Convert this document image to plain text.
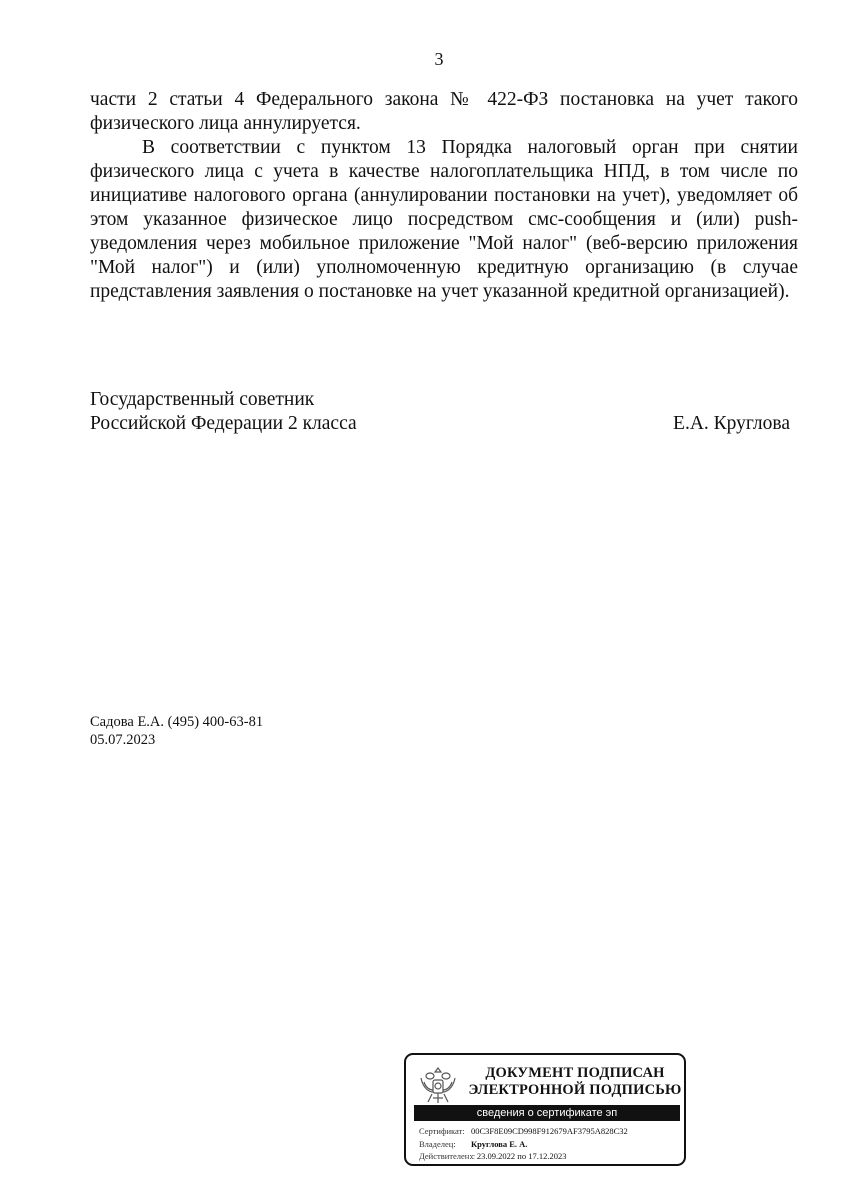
3

части 2 статьи 4 Федерального закона № 422-ФЗ постановка на учет такого физического лица аннулируется.

В соответствии с пунктом 13 Порядка налоговый орган при снятии физического лица с учета в качестве налогоплательщика НПД, в том числе по инициативе налогового органа (аннулировании постановки на учет), уведомляет об этом указанное физическое лицо посредством смс-сообщения и (или) push-уведомления через мобильное приложение "Мой налог" (веб-версию приложения "Мой налог") и (или) уполномоченную кредитную организацию (в случае представления заявления о постановке на учет указанной кредитной организацией).

Государственный советник
Российской Федерации 2 класса	Е.А. Круглова
Садова Е.А. (495) 400-63-81
05.07.2023
ДОКУМЕНТ ПОДПИСАН
ЭЛЕКТРОННОЙ ПОДПИСЬЮ
сведения о сертификате эп
Сертификат: 00C3F8E09CD998F912679AF3795A828C32
Владелец:	Круглова Е. А.
Действителен: с 23.09.2022 по 17.12.2023
